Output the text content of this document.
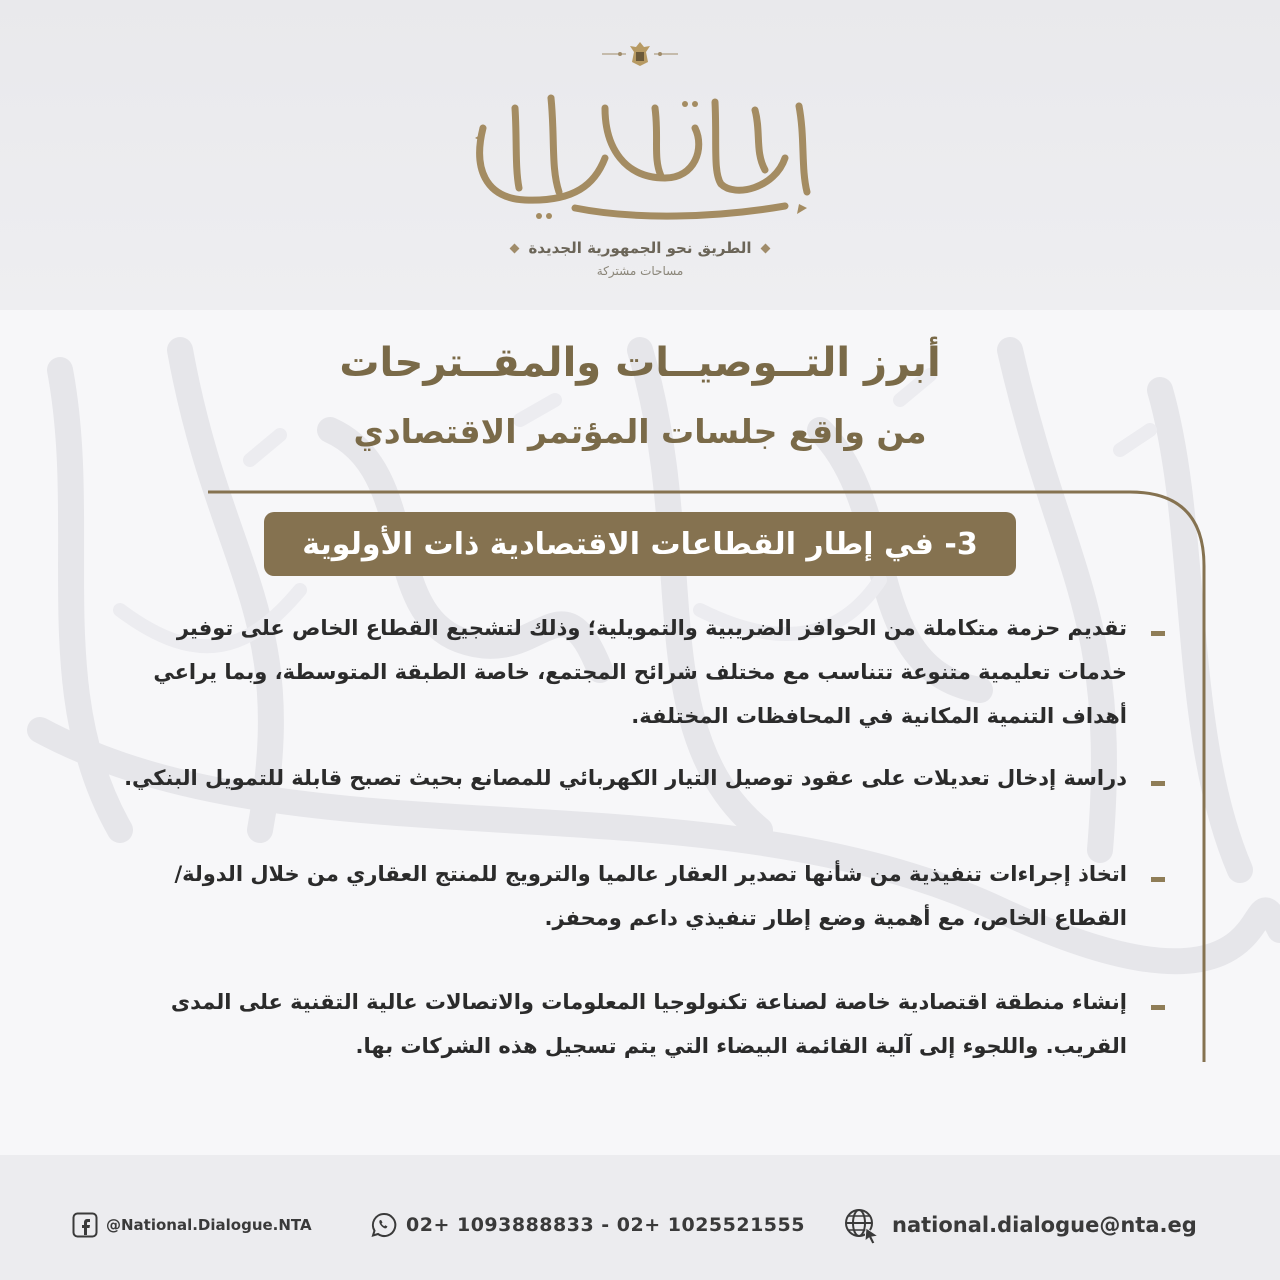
الطريق نحو الجمهورية الجديدة
مساحات مشتركة
أبرز التــوصيــات والمقــترحات
من واقع جلسات المؤتمر الاقتصادي
3- في إطار القطاعات الاقتصادية ذات الأولوية
تقديم حزمة متكاملة من الحوافز الضريبية والتمويلية؛ وذلك لتشجيع القطاع الخاص على توفير خدمات تعليمية متنوعة تتناسب مع مختلف شرائح المجتمع، خاصة الطبقة المتوسطة، وبما يراعي أهداف التنمية المكانية في المحافظات المختلفة.
دراسة إدخال تعديلات على عقود توصيل التيار الكهربائي للمصانع بحيث تصبح قابلة للتمويل البنكي.
اتخاذ إجراءات تنفيذية من شأنها تصدير العقار عالميا والترويج للمنتج العقاري من خلال الدولة/ القطاع الخاص، مع أهمية وضع إطار تنفيذي داعم ومحفز.
إنشاء منطقة اقتصادية خاصة لصناعة تكنولوجيا المعلومات والاتصالات عالية التقنية على المدى القريب. واللجوء إلى آلية القائمة البيضاء التي يتم تسجيل هذه الشركات بها.
@National.Dialogue.NTA	02+ 1093888833 - 02+ 1025521555	national.dialogue@nta.eg
